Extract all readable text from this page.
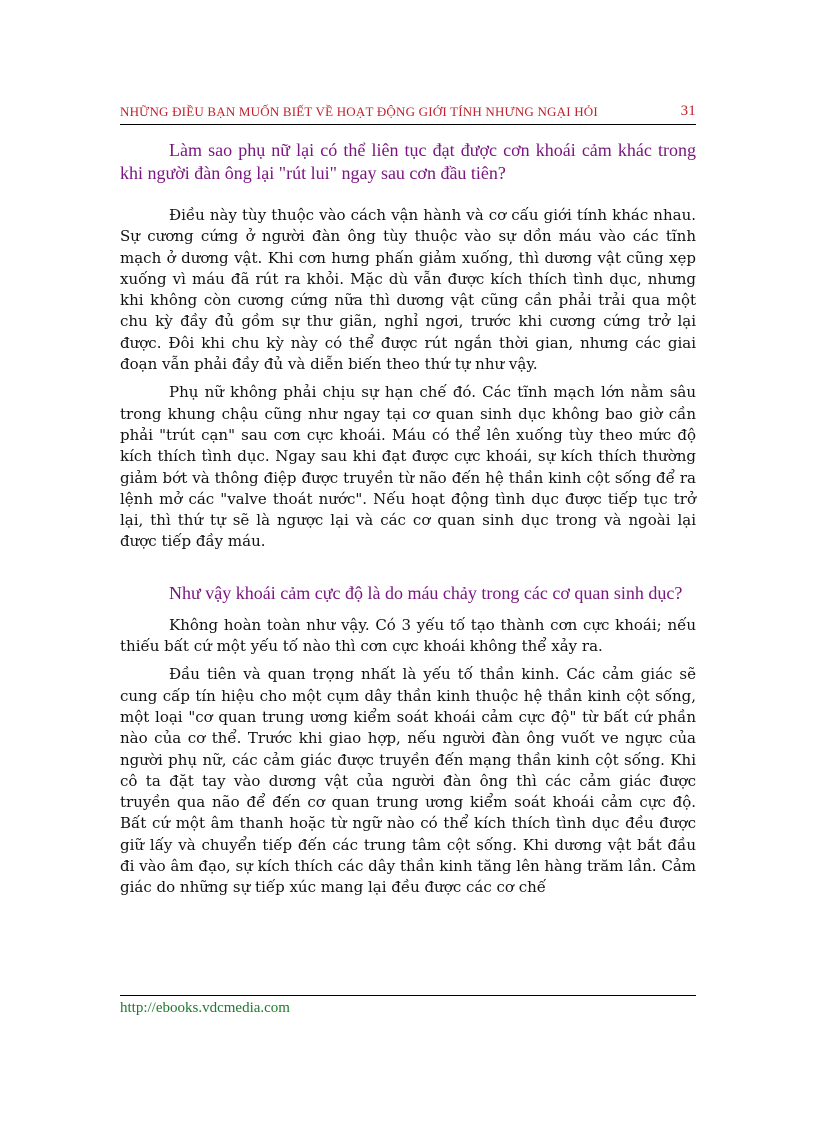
NHỮNG ĐIỀU BẠN MUỐN BIẾT VỀ HOẠT ĐỘNG GIỚI TÍNH NHƯNG NGẠI HỎI	31

Làm sao phụ nữ lại có thể liên tục đạt được cơn khoái cảm khác trong khi người đàn ông lại "rút lui" ngay sau cơn đầu tiên?

Điều này tùy thuộc vào cách vận hành và cơ cấu giới tính khác nhau. Sự cương cứng ở người đàn ông tùy thuộc vào sự dồn máu vào các tĩnh mạch ở dương vật. Khi cơn hưng phấn giảm xuống, thì dương vật cũng xẹp xuống vì máu đã rút ra khỏi. Mặc dù vẫn được kích thích tình dục, nhưng khi không còn cương cứng nữa thì dương vật cũng cần phải trải qua một chu kỳ đầy đủ gồm sự thư giãn, nghỉ ngơi, trước khi cương cứng trở lại được. Đôi khi chu kỳ này có thể được rút ngắn thời gian, nhưng các giai đoạn vẫn phải đầy đủ và diễn biến theo thứ tự như vậy.

Phụ nữ không phải chịu sự hạn chế đó. Các tĩnh mạch lớn nằm sâu trong khung chậu cũng như ngay tại cơ quan sinh dục không bao giờ cần phải "trút cạn" sau cơn cực khoái. Máu có thể lên xuống tùy theo mức độ kích thích tình dục. Ngay sau khi đạt được cực khoái, sự kích thích thường giảm bớt và thông điệp được truyền từ não đến hệ thần kinh cột sống để ra lệnh mở các "valve thoát nước". Nếu hoạt động tình dục được tiếp tục trở lại, thì thứ tự sẽ là ngược lại và các cơ quan sinh dục trong và ngoài lại được tiếp đầy máu.

Như vậy khoái cảm cực độ là do máu chảy trong các cơ quan sinh dục?

Không hoàn toàn như vậy. Có 3 yếu tố tạo thành cơn cực khoái; nếu thiếu bất cứ một yếu tố nào thì cơn cực khoái không thể xảy ra.

Đầu tiên và quan trọng nhất là yếu tố thần kinh. Các cảm giác sẽ cung cấp tín hiệu cho một cụm dây thần kinh thuộc hệ thần kinh cột sống, một loại "cơ quan trung ương kiểm soát khoái cảm cực độ" từ bất cứ phần nào của cơ thể. Trước khi giao hợp, nếu người đàn ông vuốt ve ngực của người phụ nữ, các cảm giác được truyền đến mạng thần kinh cột sống. Khi cô ta đặt tay vào dương vật của người đàn ông thì các cảm giác được truyền qua não để đến cơ quan trung ương kiểm soát khoái cảm cực độ. Bất cứ một âm thanh hoặc từ ngữ nào có thể kích thích tình dục đều được giữ lấy và chuyển tiếp đến các trung tâm cột sống. Khi dương vật bắt đầu đi vào âm đạo, sự kích thích các dây thần kinh tăng lên hàng trăm lần. Cảm giác do những sự tiếp xúc mang lại đều được các cơ chế

http://ebooks.vdcmedia.com
